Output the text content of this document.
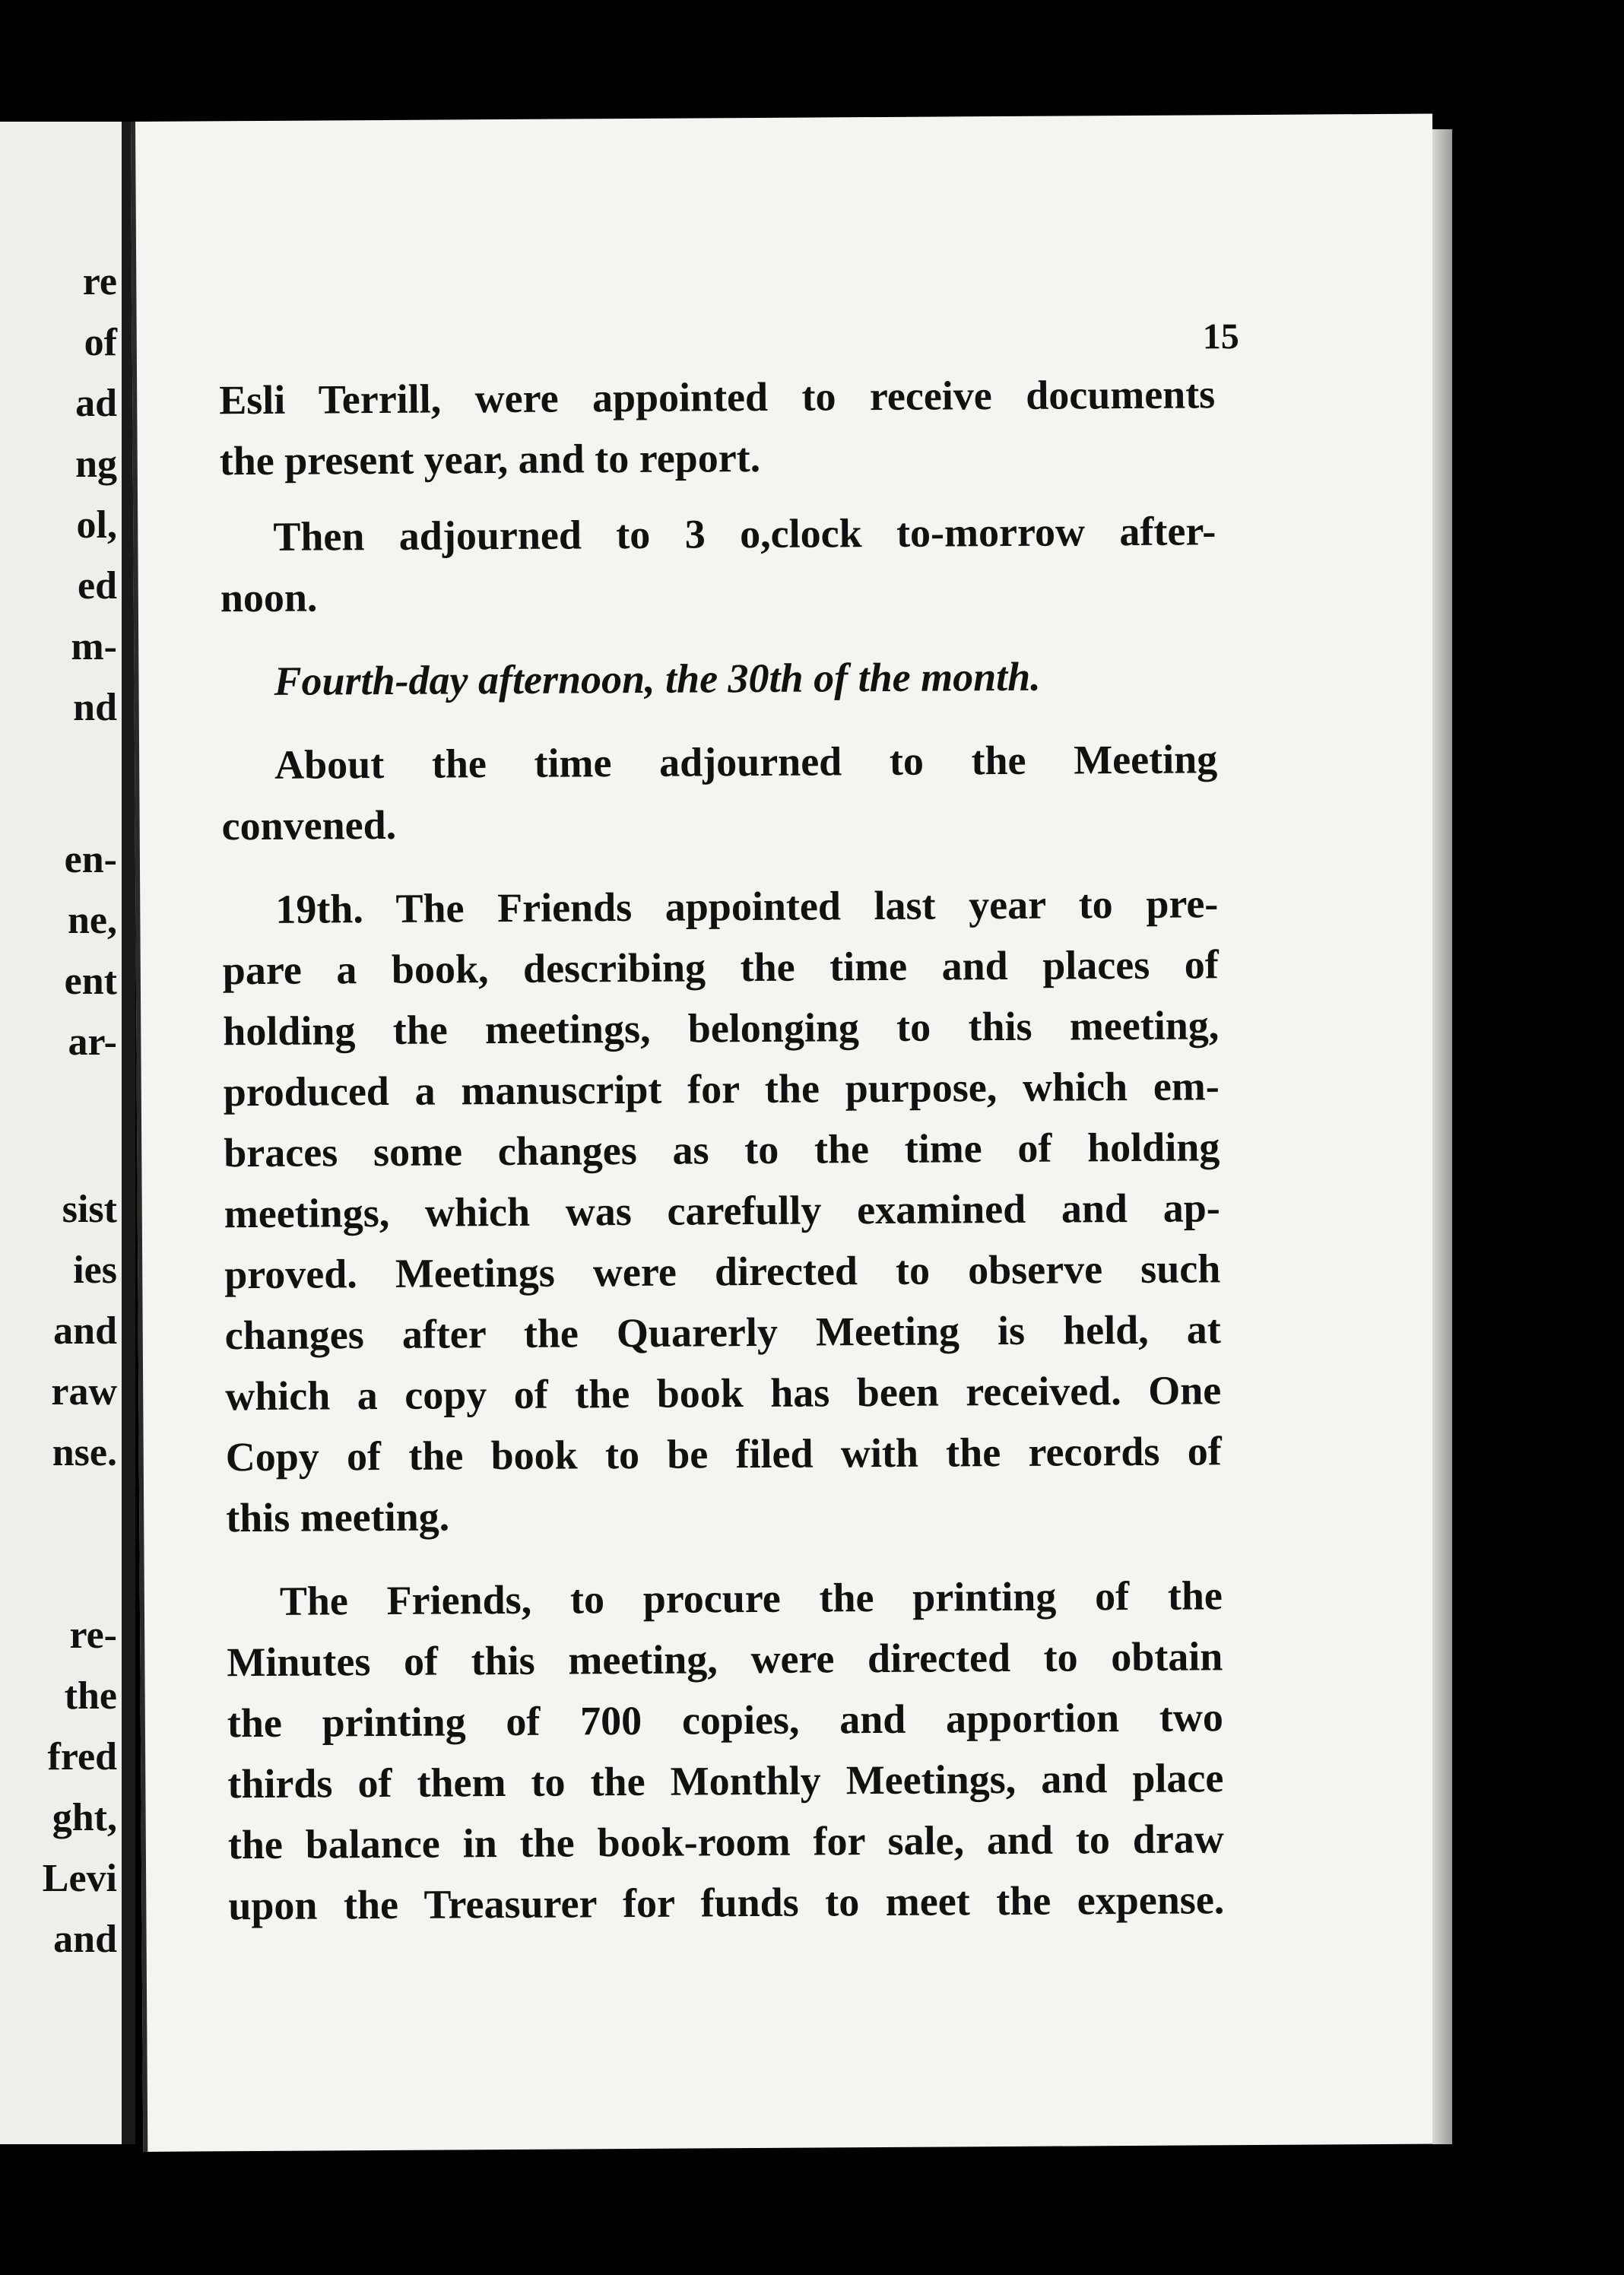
re
of
ad
ng
ol,
ed
m-
nd
en-
ne,
ent
ar-
sist
ies
and
raw
nse.
re-
the
fred
ght,
Levi
and

15
Esli Terrill, were appointed to receive documents
the present year, and to report.
Then adjourned to 3 o,clock to-morrow after-
noon.
Fourth-day afternoon, the 30th of the month.
About the time adjourned to the Meeting
convened.
19th. The Friends appointed last year to pre-
pare a book, describing the time and places of
holding the meetings, belonging to this meeting,
produced a manuscript for the purpose, which em-
braces some changes as to the time of holding
meetings, which was carefully examined and ap-
proved. Meetings were directed to observe such
changes after the Quarerly Meeting is held, at
which a copy of the book has been received. One
Copy of the book to be filed with the records of
this meeting.
The Friends, to procure the printing of the
Minutes of this meeting, were directed to obtain
the printing of 700 copies, and apportion two
thirds of them to the Monthly Meetings, and place
the balance in the book-room for sale, and to draw
upon the Treasurer for funds to meet the expense.
